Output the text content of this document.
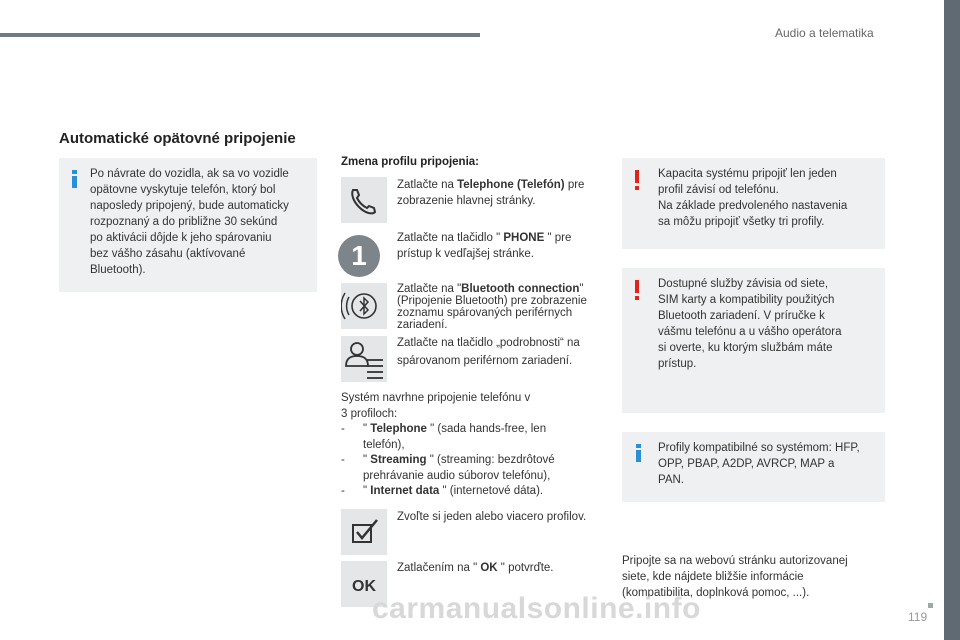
Audio a telematika
Automatické opätovné pripojenie
Po návrate do vozidla, ak sa vo vozidle
opätovne vyskytuje telefón, ktorý bol
naposledy pripojený, bude automaticky
rozpoznaný a do približne 30 sekúnd
po aktivácii dôjde k jeho spárovaniu
bez vášho zásahu (aktívované
Bluetooth).	1
Zmena profilu pripojenia:
Zatlačte na Telephone (Telefón) pre
zobrazenie hlavnej stránky.
Zatlačte na tlačidlo " PHONE " pre
prístup k vedľajšej stránke.
Zatlačte na "Bluetooth connection"
(Pripojenie Bluetooth) pre zobrazenie
zoznamu spárovaných periférnych
zariadení.
Zatlačte na tlačidlo „podrobnosti“ na
spárovanom periférnom zariadení.
Systém navrhne pripojenie telefónu v
3 profiloch:
- " Telephone " (sada hands-free, len
telefón),
- " Streaming " (streaming: bezdrôtové
prehrávanie audio súborov telefónu),
- " Internet data " (internetové dáta).
Zvoľte si jeden alebo viacero profilov.
OK
Zatlačením na " OK " potvrďte.
Kapacita systému pripojiť len jeden
profil závisí od telefónu.
Na základe predvoleného nastavenia
sa môžu pripojiť všetky tri profily.
Dostupné služby závisia od siete,
SIM karty a kompatibility použitých
Bluetooth zariadení. V príručke k
vášmu telefónu a u vášho operátora
si overte, ku ktorým službám máte
prístup.
Profily kompatibilné so systémom: HFP,
OPP, PBAP, A2DP, AVRCP, MAP a
PAN.
Pripojte sa na webovú stránku autorizovanej
siete, kde nájdete bližšie informácie
(kompatibilita, doplnková pomoc, ...).
carmanualsonline.info	119
